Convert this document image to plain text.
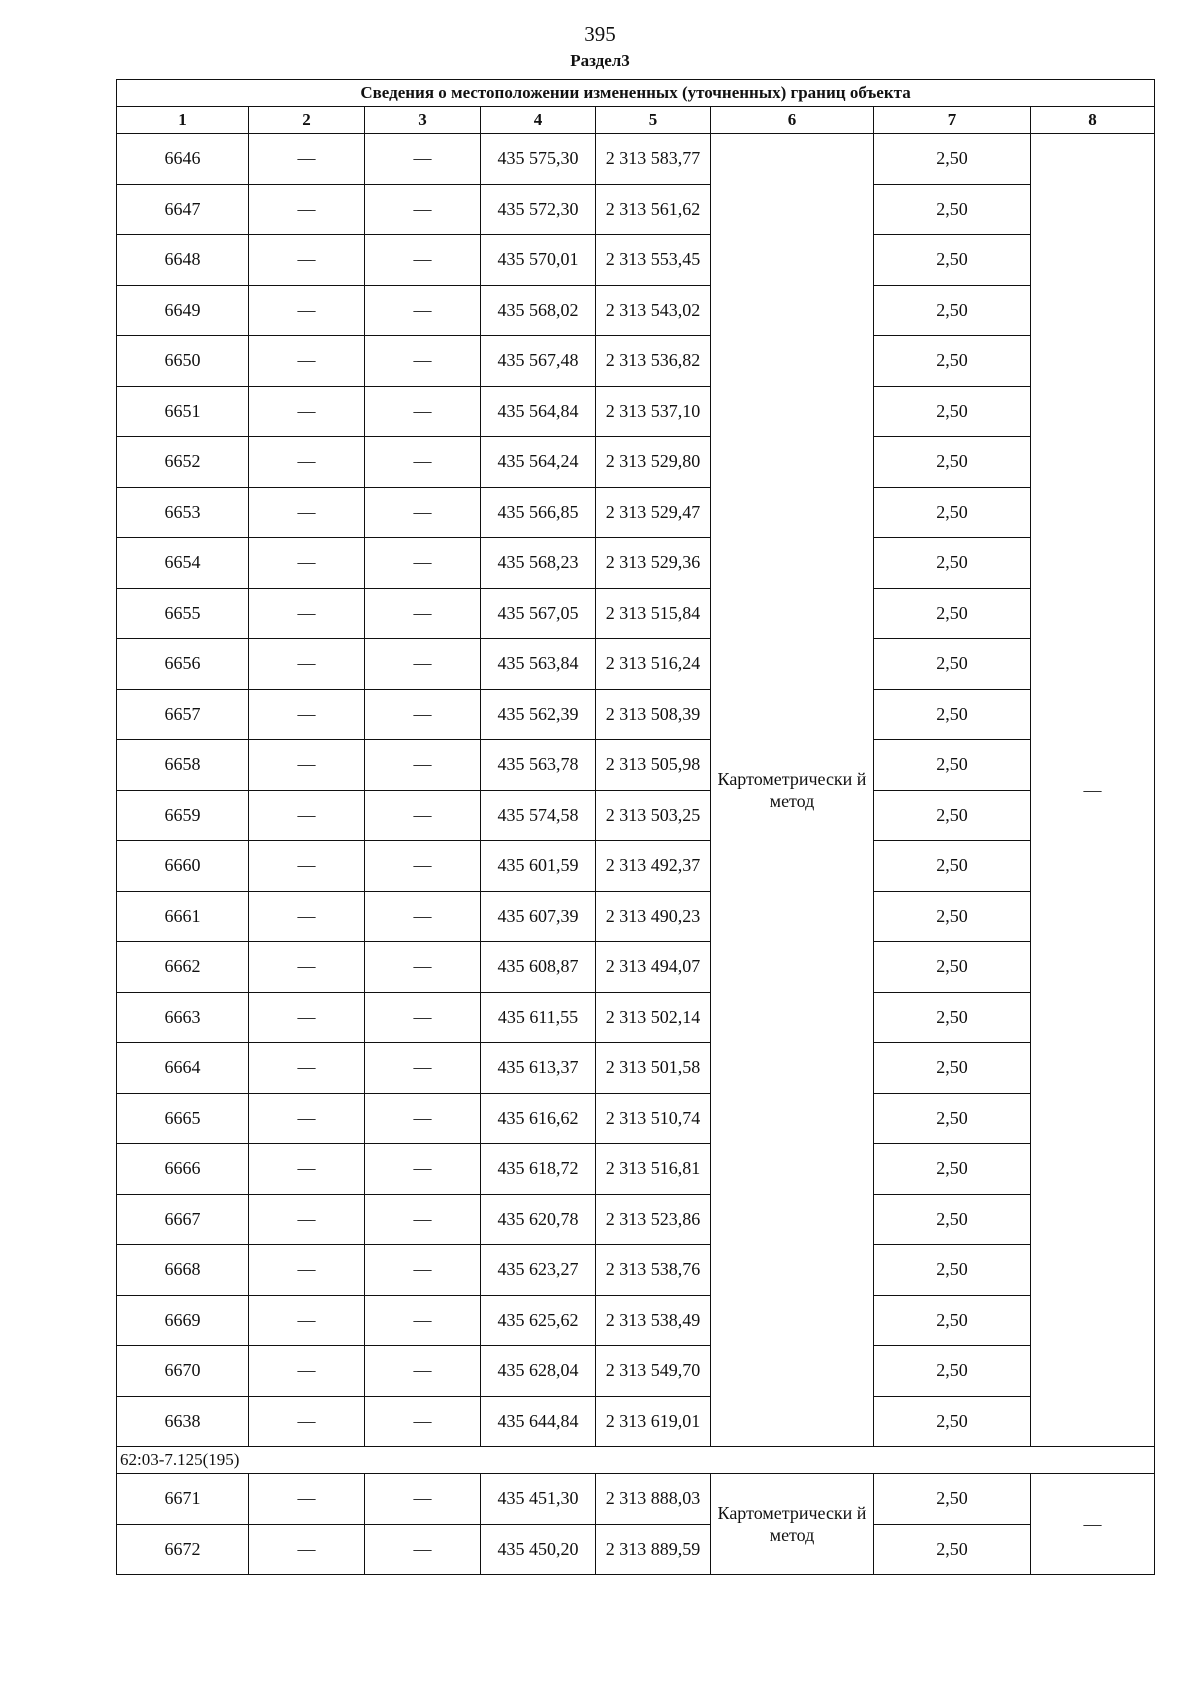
395
Раздел3
Сведения о местоположении измененных (уточненных) границ объекта							
1	2	3	4	5	6	7	8
6646	—	—	435 575,30	2 313 583,77	Картометрически й метод	2,50	—
6647	—	—	435 572,30	2 313 561,62		2,50	
6648	—	—	435 570,01	2 313 553,45		2,50	
6649	—	—	435 568,02	2 313 543,02		2,50	
6650	—	—	435 567,48	2 313 536,82		2,50	
6651	—	—	435 564,84	2 313 537,10		2,50	
6652	—	—	435 564,24	2 313 529,80		2,50	
6653	—	—	435 566,85	2 313 529,47		2,50	
6654	—	—	435 568,23	2 313 529,36		2,50	
6655	—	—	435 567,05	2 313 515,84		2,50	
6656	—	—	435 563,84	2 313 516,24		2,50	
6657	—	—	435 562,39	2 313 508,39		2,50	
6658	—	—	435 563,78	2 313 505,98		2,50	
6659	—	—	435 574,58	2 313 503,25		2,50	
6660	—	—	435 601,59	2 313 492,37		2,50	
6661	—	—	435 607,39	2 313 490,23		2,50	
6662	—	—	435 608,87	2 313 494,07		2,50	
6663	—	—	435 611,55	2 313 502,14		2,50	
6664	—	—	435 613,37	2 313 501,58		2,50	
6665	—	—	435 616,62	2 313 510,74		2,50	
6666	—	—	435 618,72	2 313 516,81		2,50	
6667	—	—	435 620,78	2 313 523,86		2,50	
6668	—	—	435 623,27	2 313 538,76		2,50	
6669	—	—	435 625,62	2 313 538,49		2,50	
6670	—	—	435 628,04	2 313 549,70		2,50	
6638	—	—	435 644,84	2 313 619,01		2,50	
62:03-7.125(195)							
6671	—	—	435 451,30	2 313 888,03	Картометрически й метод	2,50	—
6672	—	—	435 450,20	2 313 889,59		2,50	
